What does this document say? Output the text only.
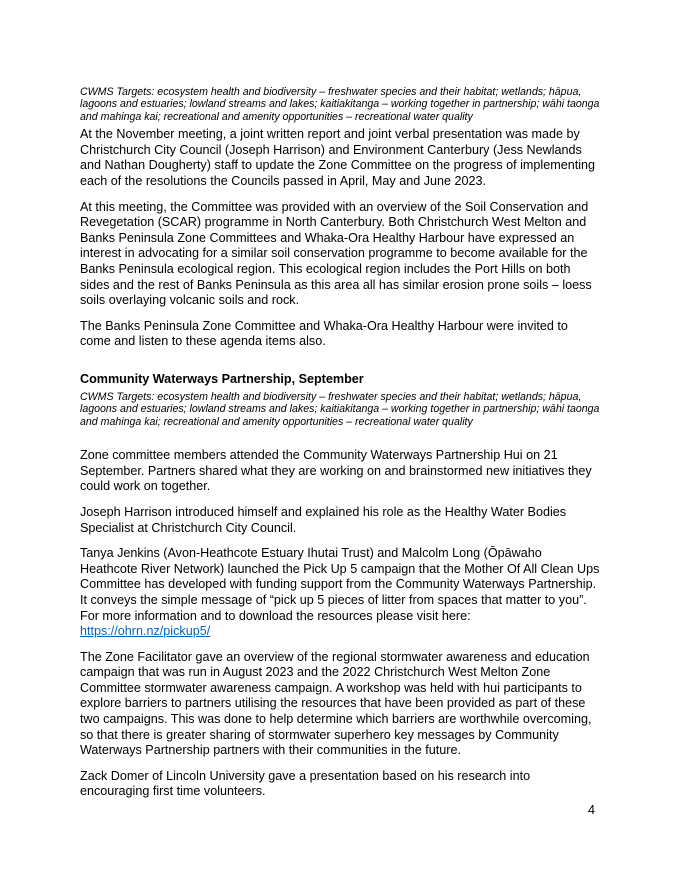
CWMS Targets: ecosystem health and biodiversity – freshwater species and their habitat; wetlands; hāpua, lagoons and estuaries; lowland streams and lakes; kaitiakitanga – working together in partnership; wāhi taonga and mahinga kai; recreational and amenity opportunities – recreational water quality

At the November meeting, a joint written report and joint verbal presentation was made by Christchurch City Council (Joseph Harrison) and Environment Canterbury (Jess Newlands and Nathan Dougherty) staff to update the Zone Committee on the progress of implementing each of the resolutions the Councils passed in April, May and June 2023.

At this meeting, the Committee was provided with an overview of the Soil Conservation and Revegetation (SCAR) programme in North Canterbury. Both Christchurch West Melton and Banks Peninsula Zone Committees and Whaka-Ora Healthy Harbour have expressed an interest in advocating for a similar soil conservation programme to become available for the Banks Peninsula ecological region. This ecological region includes the Port Hills on both sides and the rest of Banks Peninsula as this area all has similar erosion prone soils – loess soils overlaying volcanic soils and rock.

The Banks Peninsula Zone Committee and Whaka-Ora Healthy Harbour were invited to come and listen to these agenda items also.

Community Waterways Partnership, September

CWMS Targets: ecosystem health and biodiversity – freshwater species and their habitat; wetlands; hāpua, lagoons and estuaries; lowland streams and lakes; kaitiakitanga – working together in partnership; wāhi taonga and mahinga kai; recreational and amenity opportunities – recreational water quality

Zone committee members attended the Community Waterways Partnership Hui on 21 September. Partners shared what they are working on and brainstormed new initiatives they could work on together.

Joseph Harrison introduced himself and explained his role as the Healthy Water Bodies Specialist at Christchurch City Council.

Tanya Jenkins (Avon-Heathcote Estuary Ihutai Trust) and Malcolm Long (Ōpāwaho Heathcote River Network) launched the Pick Up 5 campaign that the Mother Of All Clean Ups Committee has developed with funding support from the Community Waterways Partnership. It conveys the simple message of “pick up 5 pieces of litter from spaces that matter to you”. For more information and to download the resources please visit here: https://ohrn.nz/pickup5/

The Zone Facilitator gave an overview of the regional stormwater awareness and education campaign that was run in August 2023 and the 2022 Christchurch West Melton Zone Committee stormwater awareness campaign. A workshop was held with hui participants to explore barriers to partners utilising the resources that have been provided as part of these two campaigns. This was done to help determine which barriers are worthwhile overcoming, so that there is greater sharing of stormwater superhero key messages by Community Waterways Partnership partners with their communities in the future.

Zack Domer of Lincoln University gave a presentation based on his research into encouraging first time volunteers.

4
